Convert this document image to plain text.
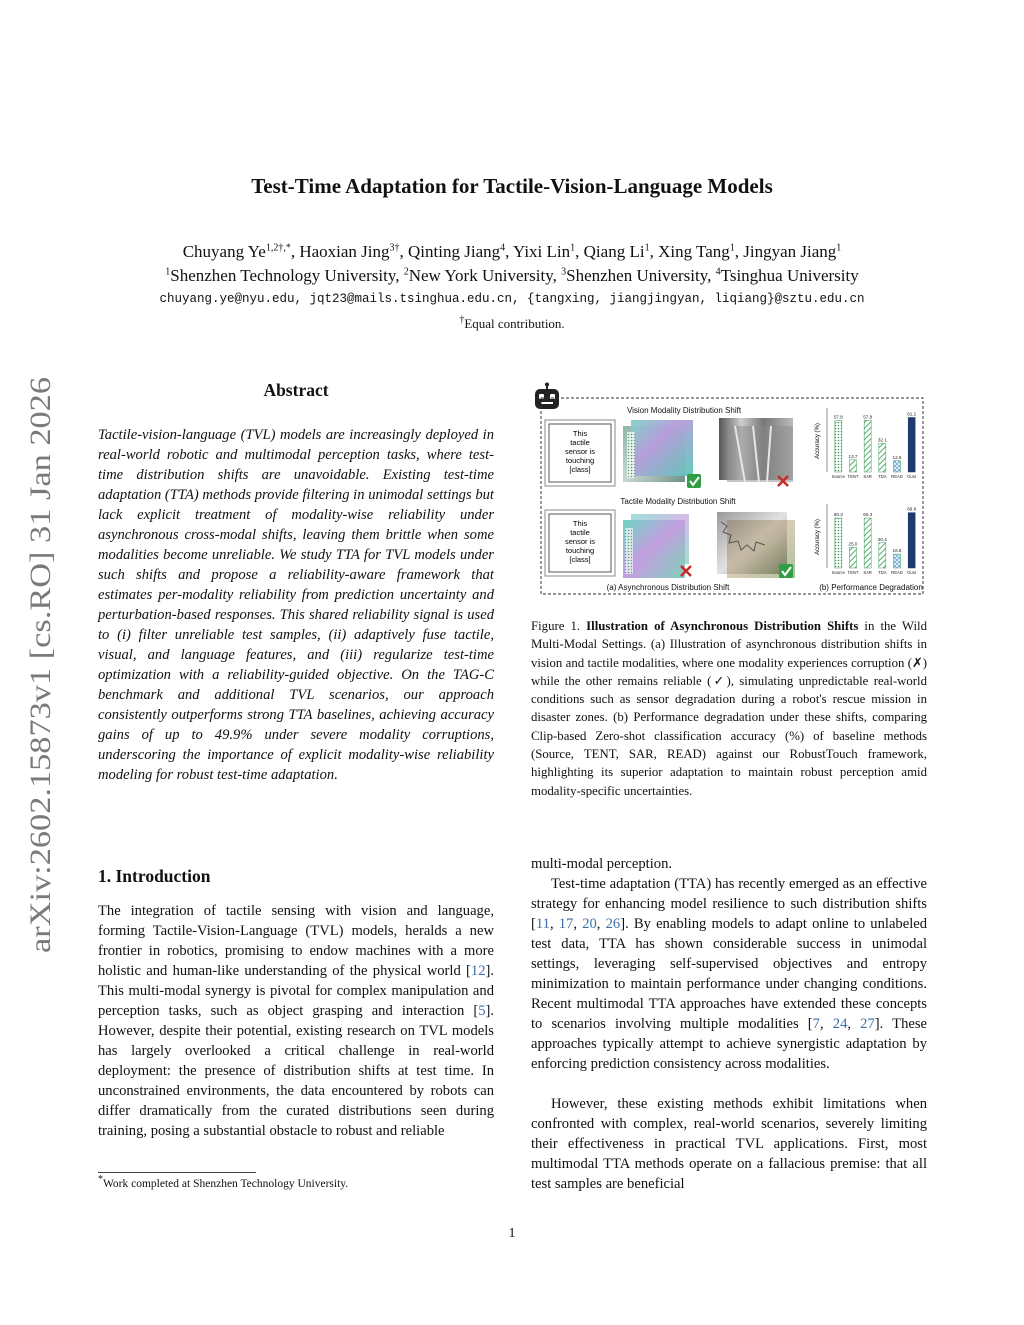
arXiv:2602.15873v1 [cs.RO] 31 Jan 2026
Test-Time Adaptation for Tactile-Vision-Language Models
Chuyang $Ye^{1,2\dagger,*}$, Haoxian Jing$^{3\dagger}$, Qinting Jiang$^4$, Yixi Lin$^1$, Qiang Li$^1$, Xing Tang$^1$, Jingyan Jiang$^1$
$^1$Shenzhen Technology University, $^2$New York University, $^3$Shenzhen University, $^4$Tsinghua University
chuyang.ye@nyu.edu, jqt23@mails.tsinghua.edu.cn, {tangxing, jiangjingyan, liqiang}@sztu.edu.cn
†Equal contribution.
Abstract
Tactile-vision-language (TVL) models are increasingly deployed in real-world robotic and multimodal perception tasks, where test-time distribution shifts are unavoidable. Existing test-time adaptation (TTA) methods provide filtering in unimodal settings but lack explicit treatment of modality-wise reliability under asynchronous cross-modal shifts, leaving them brittle when some modalities become unreliable. We study TTA for TVL models under such shifts and propose a reliability-aware framework that estimates per-modality reliability from prediction uncertainty and perturbation-based responses. This shared reliability signal is used to (i) filter unreliable test samples, (ii) adaptively fuse tactile, visual, and language features, and (iii) regularize test-time optimization with a reliability-guided objective. On the TAG-C benchmark and additional TVL scenarios, our approach consistently outperforms strong TTA baselines, achieving accuracy gains of up to 49.9% under severe modality corruptions, underscoring the importance of explicit modality-wise reliability modeling for robust test-time adaptation.
1. Introduction
The integration of tactile sensing with vision and language, forming Tactile-Vision-Language (TVL) models, heralds a new frontier in robotics, promising to endow machines with a more holistic and human-like understanding of the physical world [12]. This multi-modal synergy is pivotal for complex manipulation and perception tasks, such as object grasping and interaction [5]. However, despite their potential, existing research on TVL models has largely overlooked a critical challenge in real-world deployment: the presence of distribution shifts at test time. In unconstrained environments, the data encountered by robots can differ dramatically from the curated distributions seen during training, posing a substantial obstacle to robust and reliable
*Work completed at Shenzhen Technology University.
Vision Modality Distribution Shift
This
tactile
sensor is
touching
[class]
Tactile Modality Distribution Shift
This
tactile
sensor is
touching
[class]
(a) Asynchronous Distribution Shift	(b) Performance Degradation
Accuracy (%)
57.8
Source
13.7
TENT
57.8
SAR
32.1
TDA
12.6
READ
61.1
Ours
Accuracy (%)
60.3
Source
25.0
TENT
60.3
SAR
30.4
TDA
16.8
READ
66.8
Ours
Figure 1. Illustration of Asynchronous Distribution Shifts in the Wild Multi-Modal Settings. (a) Illustration of asynchronous distribution shifts in vision and tactile modalities, where one modality experiences corruption (✗) while the other remains reliable (✓), simulating unpredictable real-world conditions such as sensor degradation during a robot's rescue mission in disaster zones. (b) Performance degradation under these shifts, comparing Clip-based Zero-shot classification accuracy (%) of baseline methods (Source, TENT, SAR, READ) against our RobustTouch framework, highlighting its superior adaptation to maintain robust perception amid modality-specific uncertainties.
multi-modal perception.
Test-time adaptation (TTA) has recently emerged as an effective strategy for enhancing model resilience to such distribution shifts [11, 17, 20, 26]. By enabling models to adapt online to unlabeled test data, TTA has shown considerable success in unimodal settings, leveraging self-supervised objectives and entropy minimization to maintain performance under changing conditions. Recent multimodal TTA approaches have extended these concepts to scenarios involving multiple modalities [7, 24, 27]. These approaches typically attempt to achieve synergistic adaptation by enforcing prediction consistency across modalities.
However, these existing methods exhibit limitations when confronted with complex, real-world scenarios, severely limiting their effectiveness in practical TVL applications. First, most multimodal TTA methods operate on a fallacious premise: that all test samples are beneficial
1
